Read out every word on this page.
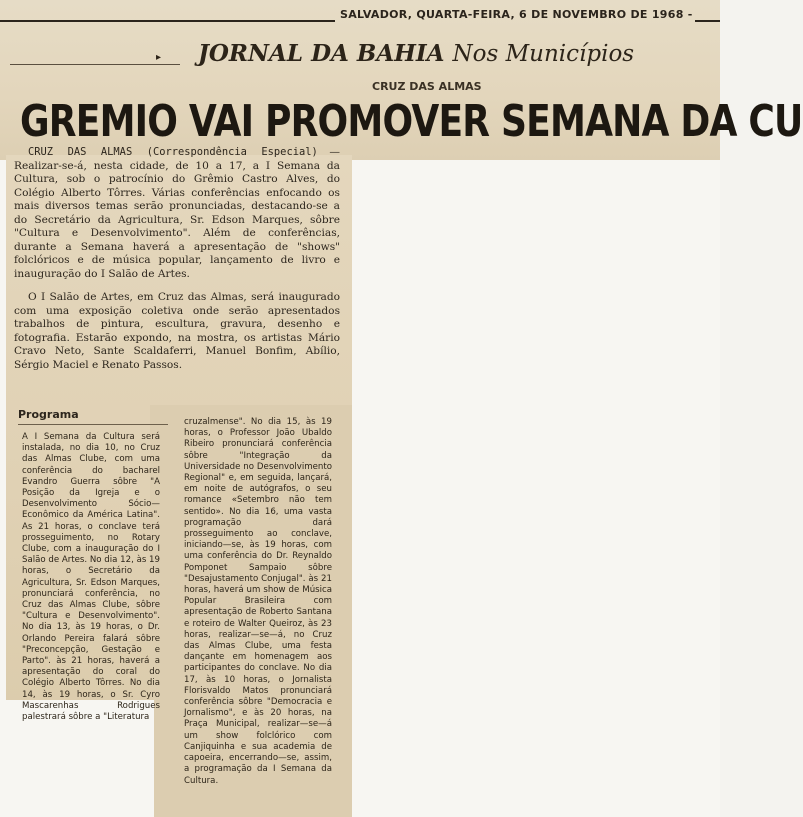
SALVADOR, QUARTA-FEIRA, 6 DE NOVEMBRO DE 1968 -
▸ JORNAL DA BAHIA Nos Municípios
CRUZ DAS ALMAS
GREMIO VAI PROMOVER SEMANA DA CU

CRUZ DAS ALMAS (Correspondência Especial) — Realizar-se-á, nesta cidade, de 10 a 17, a I Semana da Cultura, sob o patrocínio do Grêmio Castro Alves, do Colégio Alberto Tôrres. Várias conferências enfocando os mais diversos temas serão pronunciadas, destacando-se a do Secretário da Agricultura, Sr. Edson Marques, sôbre "Cultura e Desenvolvimento". Além de conferências, durante a Semana haverá a apresentação de "shows" folclóricos e de música popular, lançamento de livro e inauguração do I Salão de Artes.

O I Salão de Artes, em Cruz das Almas, será inaugurado com uma exposição coletiva onde serão apresentados trabalhos de pintura, escultura, gravura, desenho e fotografia. Estarão expondo, na mostra, os artistas Mário Cravo Neto, Sante Scaldaferri, Manuel Bonfim, Abílio, Sérgio Maciel e Renato Passos.

Programa
A I Semana da Cultura será instalada, no dia 10, no Cruz das Almas Clube, com uma conferência do bacharel Evandro Guerra sôbre "A Posição da Igreja e o Desenvolvimento Sócio—Econômico da América Latina". As 21 horas, o conclave terá prosseguimento, no Rotary Clube, com a inauguração do I Salão de Artes. No dia 12, às 19 horas, o Secretário da Agricultura, Sr. Edson Marques, pronunciará conferência, no Cruz das Almas Clube, sôbre "Cultura e Desenvolvimento". No dia 13, às 19 horas, o Dr. Orlando Pereira falará sôbre "Preconcepção, Gestação e Parto". às 21 horas, haverá a apresentação do coral do Colégio Alberto Tôrres. No dia 14, às 19 horas, o Sr. Cyro Mascarenhas Rodrigues palestrará sôbre a "Literatura
cruzalmense". No dia 15, às 19 horas, o Professor João Ubaldo Ribeiro pronunciará conferência sôbre "Integração da Universidade no Desenvolvimento Regional" e, em seguida, lançará, em noite de autógrafos, o seu romance «Setembro não tem sentido». No dia 16, uma vasta programação dará prosseguimento ao conclave, iniciando—se, às 19 horas, com uma conferência do Dr. Reynaldo Pomponet Sampaio sôbre "Desajustamento Conjugal". às 21 horas, haverá um show de Música Popular Brasileira com apresentação de Roberto Santana e roteiro de Walter Queiroz, às 23 horas, realizar—se—á, no Cruz das Almas Clube, uma festa dançante em homenagem aos participantes do conclave. No dia 17, às 10 horas, o Jornalista Florisvaldo Matos pronunciará conferência sôbre "Democracia e Jornalismo", e às 20 horas, na Praça Municipal, realizar—se—á um show folclórico com Canjiquinha e sua academia de capoeira, encerrando—se, assim, a programação da I Semana da Cultura.
